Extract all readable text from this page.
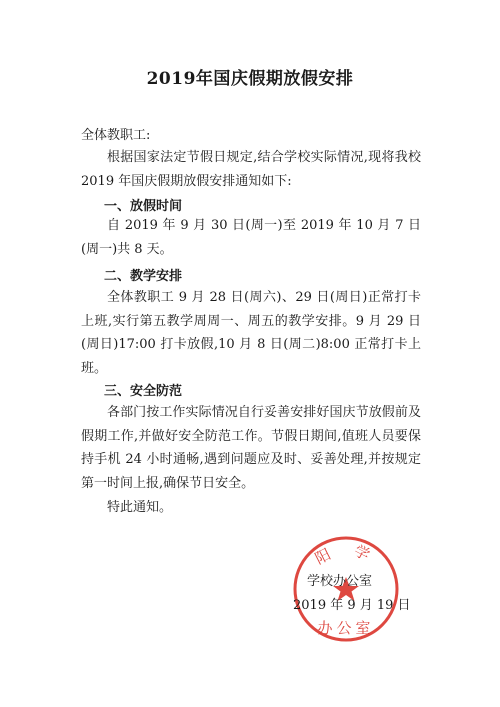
2019年国庆假期放假安排
全体教职工:
根据国家法定节假日规定,结合学校实际情况,现将我校 2019 年国庆假期放假安排通知如下:
一、放假时间
自 2019 年 9 月 30 日(周一)至 2019 年 10 月 7 日(周一)共 8 天。
二、教学安排
全体教职工 9 月 28 日(周六)、29 日(周日)正常打卡上班,实行第五教学周周一、周五的教学安排。9 月 29 日(周日)17:00 打卡放假,10 月 8 日(周二)8:00 正常打卡上班。
三、安全防范
各部门按工作实际情况自行妥善安排好国庆节放假前及假期工作,并做好安全防范工作。节假日期间,值班人员要保持手机 24 小时通畅,遇到问题应及时、妥善处理,并按规定第一时间上报,确保节日安全。
特此通知。
阳 学
办公室
学校办公室
2019 年 9 月 19 日
